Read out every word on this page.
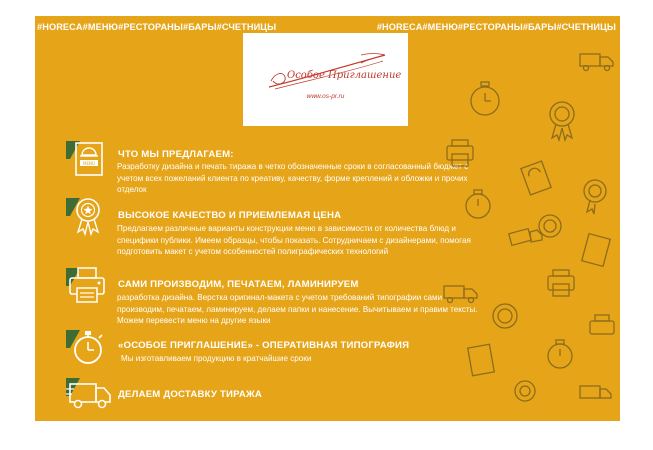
#HORECA#МЕНЮ#РЕСТОРАНЫ#БАРЫ#СЧЕТНИЦЫ	#HORECA#МЕНЮ#РЕСТОРАНЫ#БАРЫ#СЧЕТНИЦЫ
Особое Приглашение
www.os-pr.ru
MENU
ЧТО МЫ ПРЕДЛАГАЕМ:
Разработку дизайна и печать тиража в четко обозначенные сроки в согласованный бюджет с учетом всех пожеланий клиента по креативу, качеству, форме креплений и обложки и прочих отделок
ВЫСОКОЕ КАЧЕСТВО И ПРИЕМЛЕМАЯ ЦЕНА
Предлагаем различные варианты конструкции меню в зависимости от количества блюд и специфики публики. Имеем образцы, чтобы показать. Сотрудничаем с дизайнерами, помогая подготовить макет с учетом особенностей полиграфических технологий
САМИ ПРОИЗВОДИМ, ПЕЧАТАЕМ, ЛАМИНИРУЕМ
разработка дизайна. Верстка оригинал-макета с учетом требований типографии сами производим, печатаем, ламинируем, делаем папки и нанесение. Вычитываем и правим тексты. Можем перевести меню на другие языки
«ОСОБОЕ ПРИГЛАШЕНИЕ» - ОПЕРАТИВНАЯ ТИПОГРАФИЯ
Мы изготавливаем продукцию в кратчайшие сроки
ДЕЛАЕМ ДОСТАВКУ ТИРАЖА
